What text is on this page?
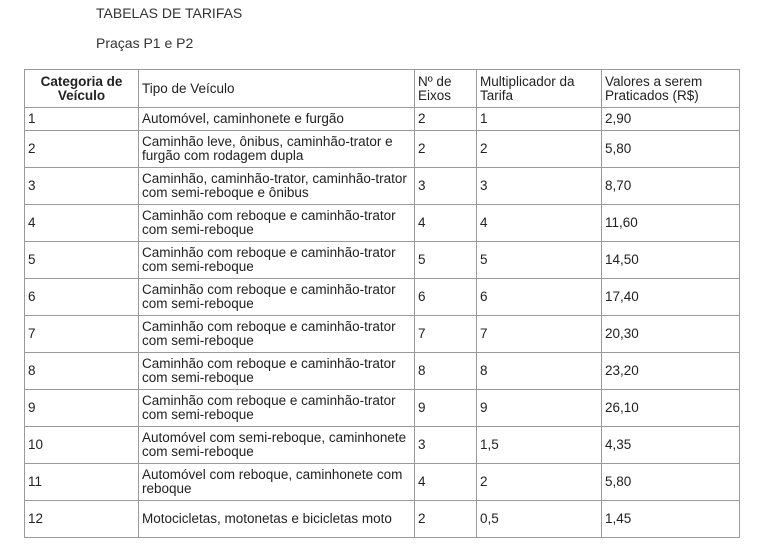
TABELAS DE TARIFAS
Praças P1 e P2
Categoria de Veículo	Tipo de Veículo	Nº de Eixos	Multiplicador da Tarifa	Valores a serem Praticados (R$)
1	Automóvel, caminhonete e furgão	2	1	2,90
2	Caminhão leve, ônibus, caminhão-trator e furgão com rodagem dupla	2	2	5,80
3	Caminhão, caminhão-trator, caminhão-trator com semi-reboque e ônibus	3	3	8,70
4	Caminhão com reboque e caminhão-trator com semi-reboque	4	4	11,60
5	Caminhão com reboque e caminhão-trator com semi-reboque	5	5	14,50
6	Caminhão com reboque e caminhão-trator com semi-reboque	6	6	17,40
7	Caminhão com reboque e caminhão-trator com semi-reboque	7	7	20,30
8	Caminhão com reboque e caminhão-trator com semi-reboque	8	8	23,20
9	Caminhão com reboque e caminhão-trator com semi-reboque	9	9	26,10
10	Automóvel com semi-reboque, caminhonete com semi-reboque	3	1,5	4,35
11	Automóvel com reboque, caminhonete com reboque	4	2	5,80
12	Motocicletas, motonetas e bicicletas moto	2	0,5	1,45
